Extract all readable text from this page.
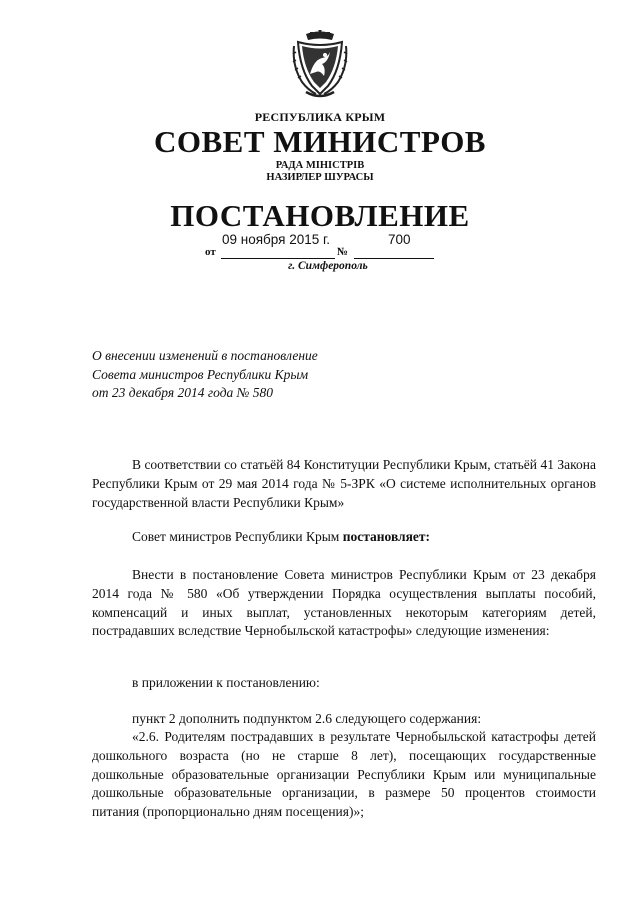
РЕСПУБЛИКА КРЫМ
СОВЕТ МИНИСТРОВ
РАДА МІНІСТРІВ
НАЗИРЛЕР ШУРАСЫ
ПОСТАНОВЛЕНИЕ
09 ноября 2015 г.	700
от	№
г. Симферополь
О внесении изменений в постановление
Совета министров Республики Крым
от 23 декабря 2014 года № 580
В соответствии со статьёй 84 Конституции Республики Крым, статьёй 41 Закона Республики Крым от 29 мая 2014 года № 5-ЗРК «О системе исполнительных органов государственной власти Республики Крым»
Совет министров Республики Крым постановляет:
Внести в постановление Совета министров Республики Крым от 23 декабря 2014 года № 580 «Об утверждении Порядка осуществления выплаты пособий, компенсаций и иных выплат, установленных некоторым категориям детей, пострадавших вследствие Чернобыльской катастрофы» следующие изменения:
в приложении к постановлению:
пункт 2 дополнить подпунктом 2.6 следующего содержания:
«2.6. Родителям пострадавших в результате Чернобыльской катастрофы детей дошкольного возраста (но не старше 8 лет), посещающих государственные дошкольные образовательные организации Республики Крым или муниципальные дошкольные образовательные организации, в размере 50 процентов стоимости питания (пропорционально дням посещения)»;
